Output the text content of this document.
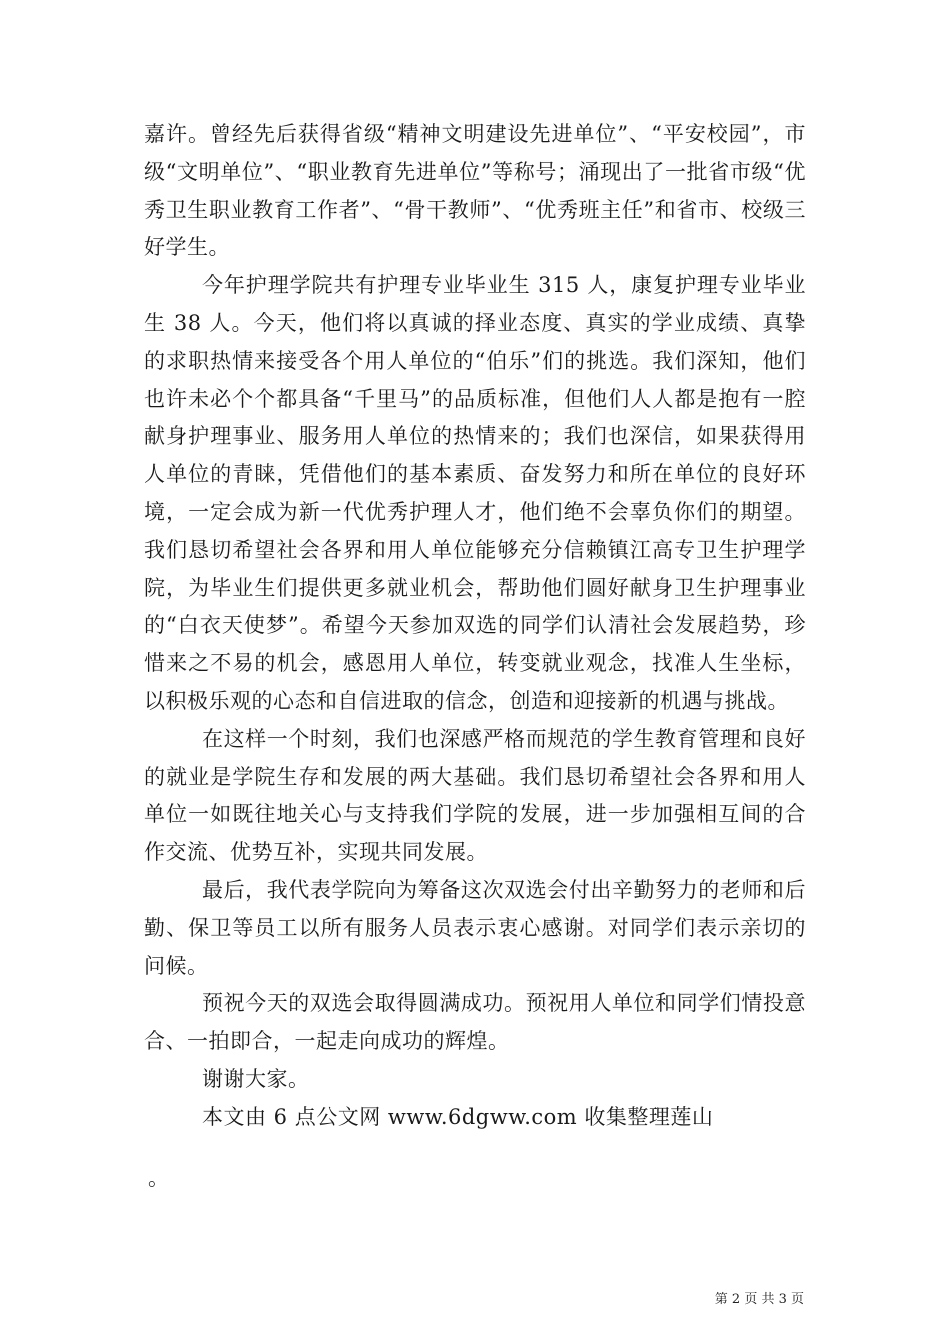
嘉许。曾经先后获得省级“精神文明建设先进单位”、“平安校园”，市级“文明单位”、“职业教育先进单位”等称号；涌现出了一批省市级“优秀卫生职业教育工作者”、“骨干教师”、“优秀班主任”和省市、校级三好学生。

今年护理学院共有护理专业毕业生 315 人，康复护理专业毕业生 38 人。今天，他们将以真诚的择业态度、真实的学业成绩、真挚的求职热情来接受各个用人单位的“伯乐”们的挑选。我们深知，他们也许未必个个都具备“千里马”的品质标准，但他们人人都是抱有一腔献身护理事业、服务用人单位的热情来的；我们也深信，如果获得用人单位的青睐，凭借他们的基本素质、奋发努力和所在单位的良好环境，一定会成为新一代优秀护理人才，他们绝不会辜负你们的期望。我们恳切希望社会各界和用人单位能够充分信赖镇江高专卫生护理学院，为毕业生们提供更多就业机会，帮助他们圆好献身卫生护理事业的“白衣天使梦”。希望今天参加双选的同学们认清社会发展趋势，珍惜来之不易的机会，感恩用人单位，转变就业观念，找准人生坐标，以积极乐观的心态和自信进取的信念，创造和迎接新的机遇与挑战。

在这样一个时刻，我们也深感严格而规范的学生教育管理和良好的就业是学院生存和发展的两大基础。我们恳切希望社会各界和用人单位一如既往地关心与支持我们学院的发展，进一步加强相互间的合作交流、优势互补，实现共同发展。

最后，我代表学院向为筹备这次双选会付出辛勤努力的老师和后勤、保卫等员工以所有服务人员表示衷心感谢。对同学们表示亲切的问候。

预祝今天的双选会取得圆满成功。预祝用人单位和同学们情投意合、一拍即合，一起走向成功的辉煌。

谢谢大家。

本文由 6 点公文网 www.6dgww.com 收集整理莲山

。
第 2 页 共 3 页
